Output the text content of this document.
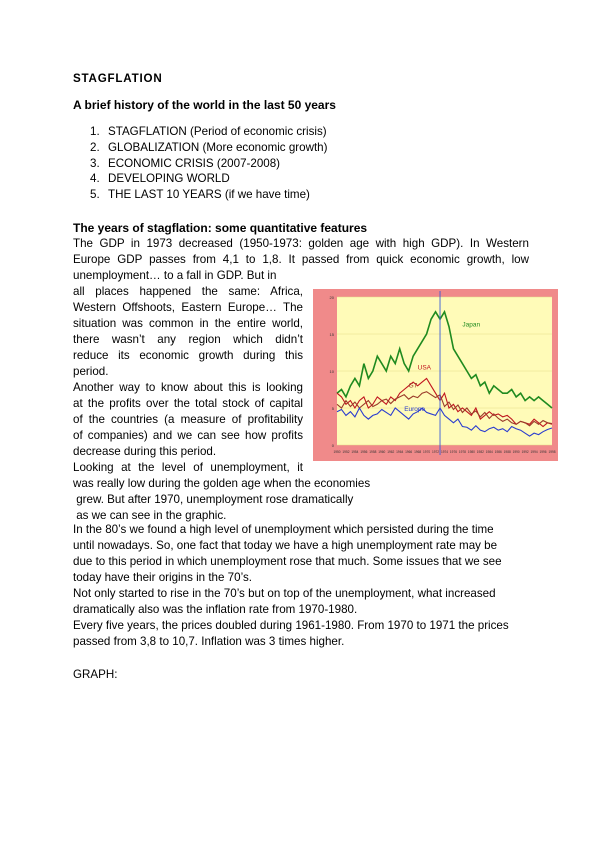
STAGFLATION
A brief history of the world in the last 50 years
1. STAGFLATION (Period of economic crisis)
2. GLOBALIZATION (More economic growth)
3. ECONOMIC CRISIS (2007-2008)
4. DEVELOPING WORLD
5. THE LAST 10 YEARS (if we have time)
The years of stagflation: some quantitative features
The GDP in 1973 decreased (1950-1973: golden age with high GDP). In Western
Europe GDP passes from 4,1 to 1,8. It passed from quick economic growth, low
unemployment… to a fall in GDP. But in
all places happened the same: Africa,
Western Offshoots, Eastern Europe… The
situation was common in the entire world,
there wasn’t any region which didn’t
reduce its economic growth during this
period.
Another way to know about this is looking
at the profits over the total stock of capital
of the countries (a measure of profitability
of companies) and we can see how profits
decrease during this period.
Looking at the level of unemployment, it
was really low during the golden age when the economies
grew. But after 1970, unemployment rose dramatically
as we can see in the graphic.
In the 80’s we found a high level of unemployment which persisted during the time
until nowadays. So, one fact that today we have a high unemployment rate may be
due to this period in which unemployment rose that much. Some issues that we see
today have their origins in the 70’s.
Not only started to rise in the 70’s but on top of the unemployment, what increased
dramatically also was the inflation rate from 1970-1980.
Every five years, the prices doubled during 1961-1980. From 1970 to 1971 the prices
passed from 3,8 to 10,7. Inflation was 3 times higher.
GRAPH:
0
5
10
15
20
1950 1952 1954 1956 1958 1960 1962 1964 1966 1968 1970 1972 1974 1976 1978 1980 1982 1984 1986 1988 1990 1992 1994 1996 1998
Japan
USA
G7
Europe
